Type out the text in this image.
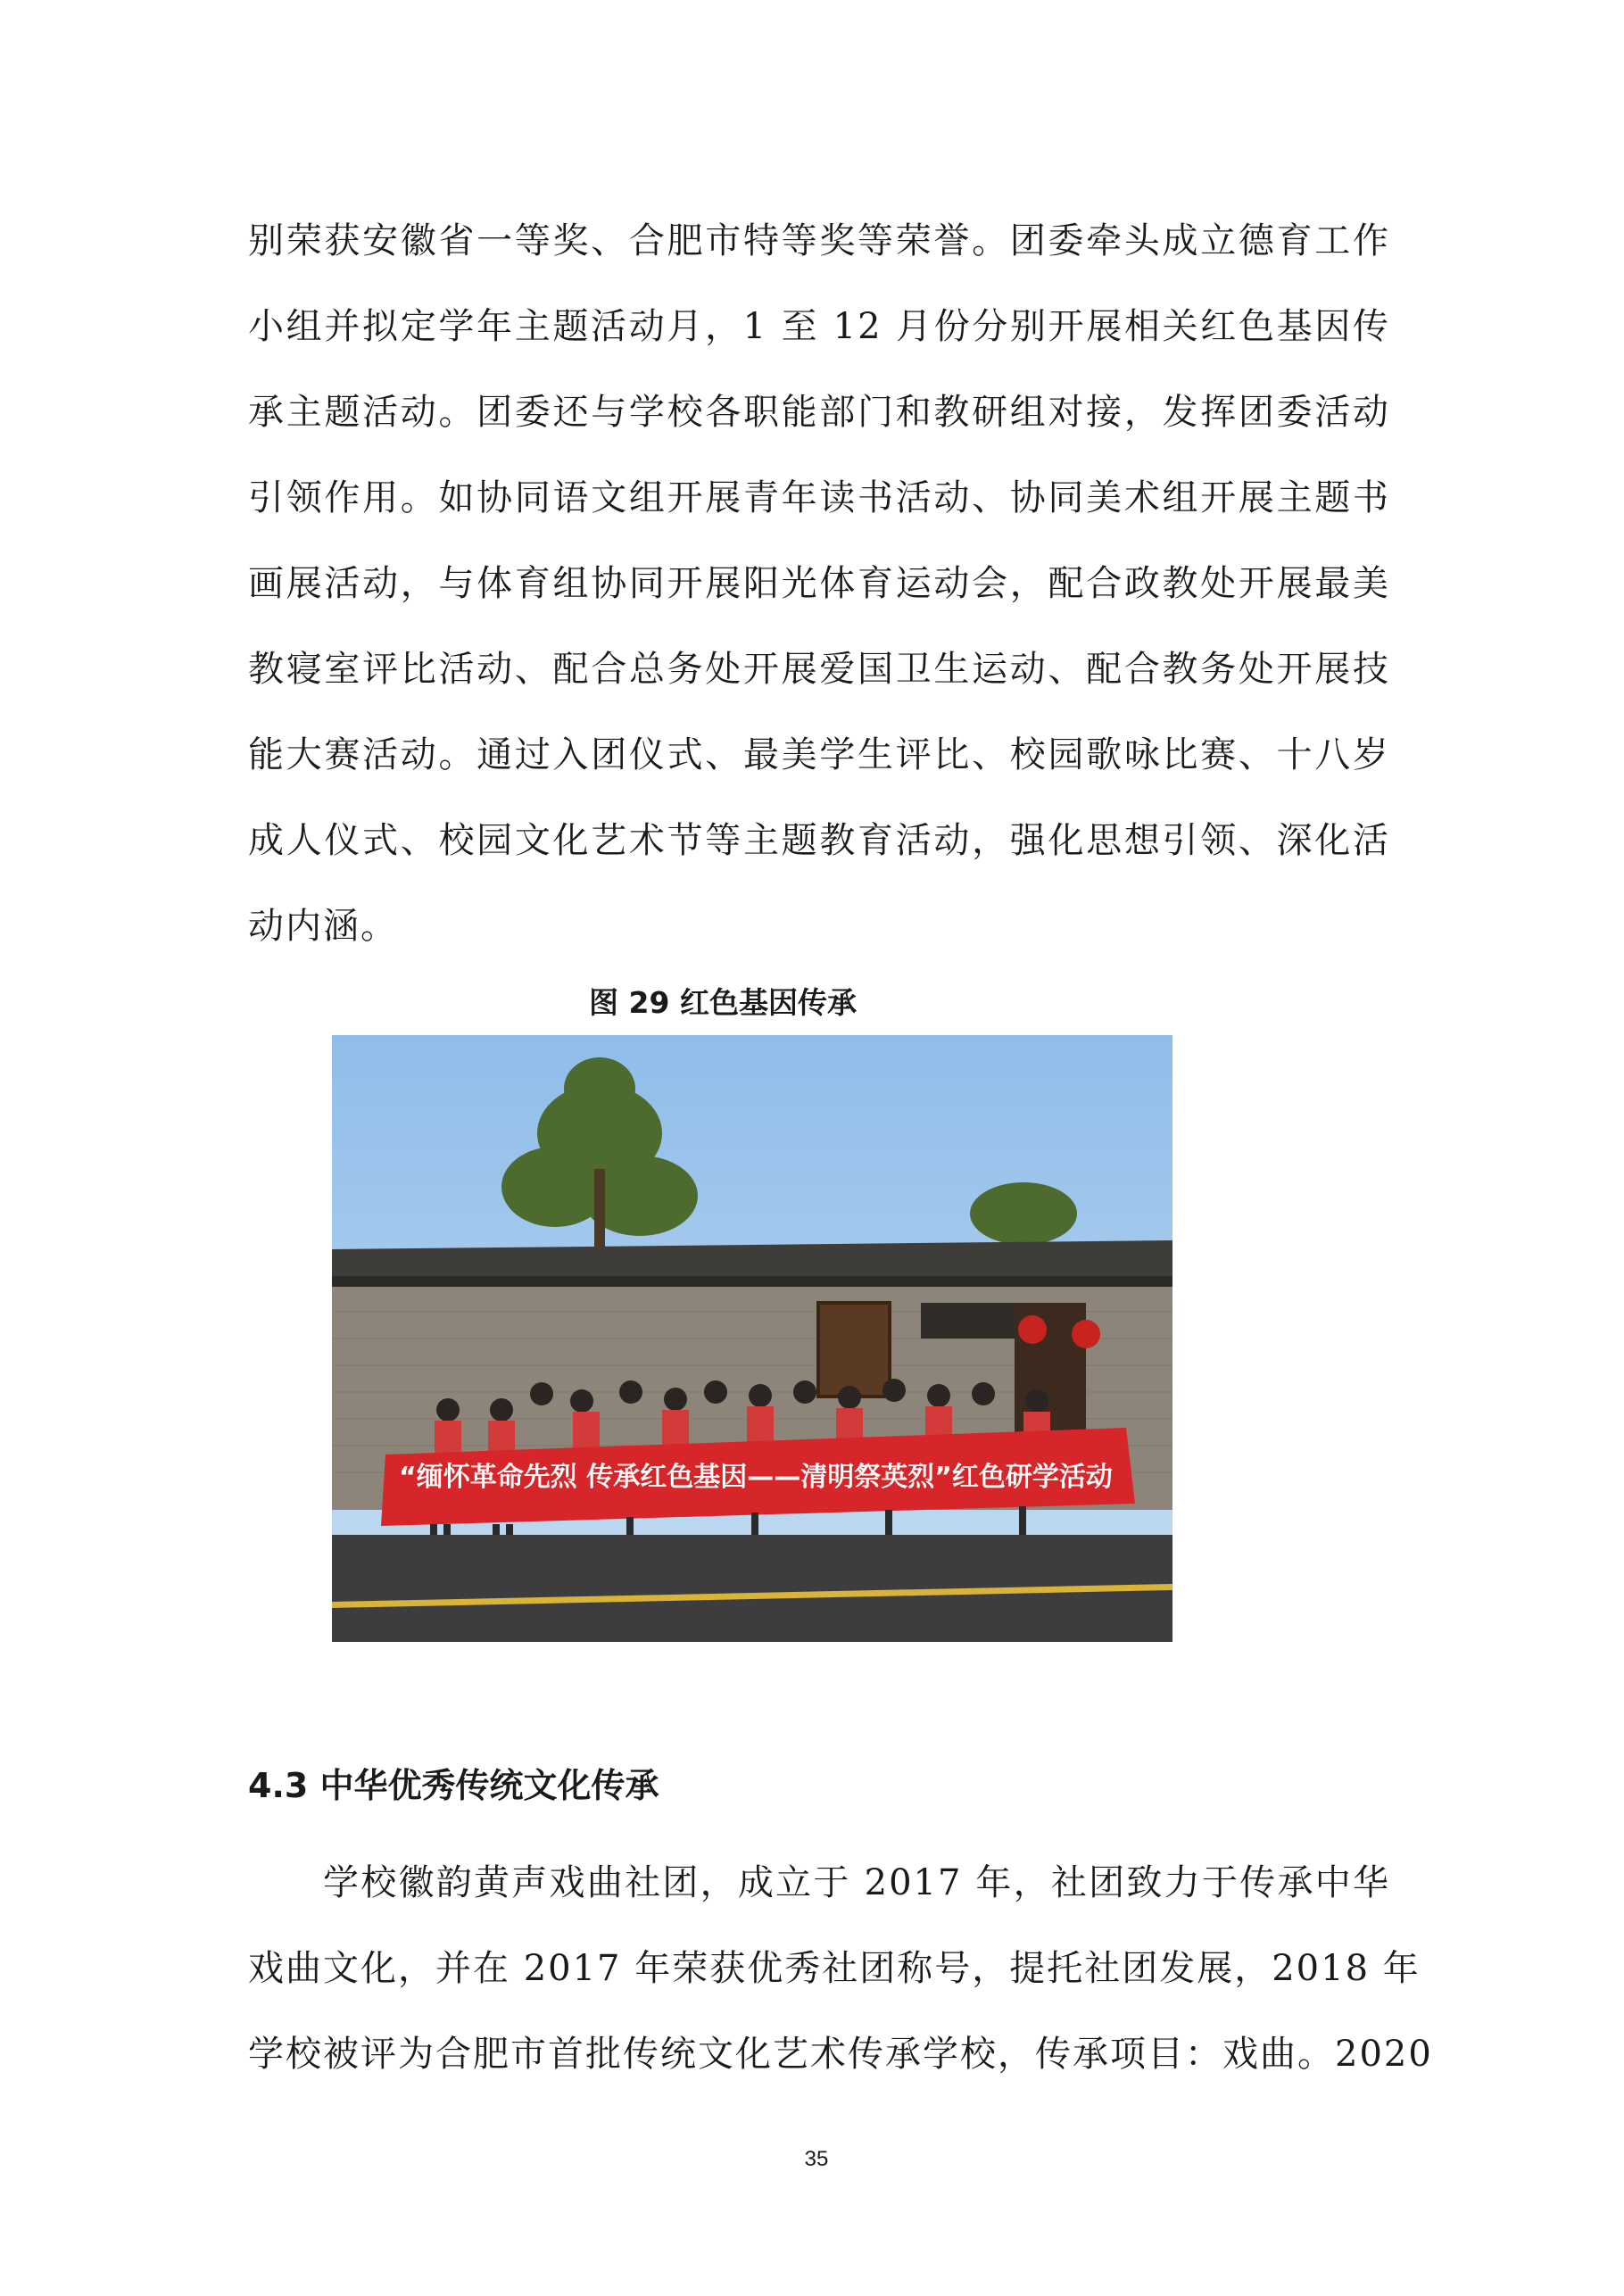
别荣获安徽省一等奖、合肥市特等奖等荣誉。团委牵头成立德育工作
小组并拟定学年主题活动月，1 至 12 月份分别开展相关红色基因传
承主题活动。团委还与学校各职能部门和教研组对接，发挥团委活动
引领作用。如协同语文组开展青年读书活动、协同美术组开展主题书
画展活动，与体育组协同开展阳光体育运动会，配合政教处开展最美
教寝室评比活动、配合总务处开展爱国卫生运动、配合教务处开展技
能大赛活动。通过入团仪式、最美学生评比、校园歌咏比赛、十八岁
成人仪式、校园文化艺术节等主题教育活动，强化思想引领、深化活
动内涵。
图 29 红色基因传承
“缅怀革命先烈 传承红色基因——清明祭英烈”红色研学活动
4.3 中华优秀传统文化传承
学校徽韵黄声戏曲社团，成立于 2017 年，社团致力于传承中华
戏曲文化，并在 2017 年荣获优秀社团称号，提托社团发展，2018 年
学校被评为合肥市首批传统文化艺术传承学校，传承项目：戏曲。2020
35
